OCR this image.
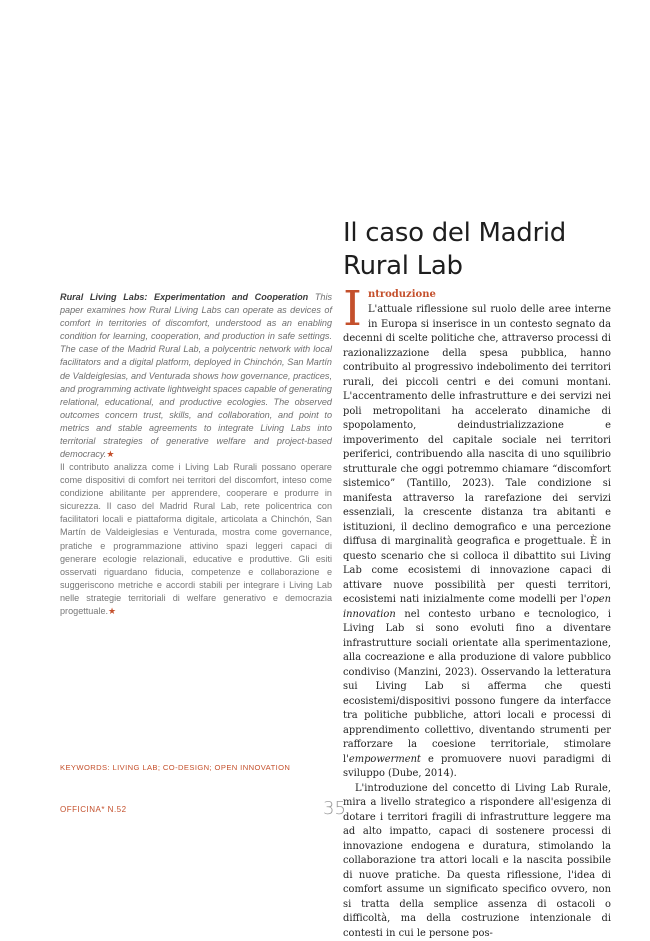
Il caso del Madrid
Rural Lab
Rural Living Labs: Experimentation and Cooperation This paper examines how Rural Living Labs can operate as devices of comfort in territories of discomfort, understood as an enabling condition for learning, cooperation, and production in safe settings. The case of the Madrid Rural Lab, a polycentric network with local facilitators and a digital platform, deployed in Chinchón, San Martín de Valdeiglesias, and Venturada shows how governance, practices, and programming activate lightweight spaces capable of generating relational, educational, and productive ecologies. The observed outcomes concern trust, skills, and collaboration, and point to metrics and stable agreements to integrate Living Labs into territorial strategies of generative welfare and project-based democracy.★
Il contributo analizza come i Living Lab Rurali possano operare come dispositivi di comfort nei territori del discomfort, inteso come condizione abilitante per apprendere, cooperare e produrre in sicurezza. Il caso del Madrid Rural Lab, rete policentrica con facilitatori locali e piattaforma digitale, articolata a Chinchón, San Martín de Valdeiglesias e Venturada, mostra come governance, pratiche e programmazione attivino spazi leggeri capaci di generare ecologie relazionali, educative e produttive. Gli esiti osservati riguardano fiducia, competenze e collaborazione e suggeriscono metriche e accordi stabili per integrare i Living Lab nelle strategie territoriali di welfare generativo e democrazia progettuale.★
KEYWORDS: LIVING LAB; CO-DESIGN; OPEN INNOVATION
I ntroduzione

L'attuale riflessione sul ruolo delle aree interne in Europa si inserisce in un contesto segnato da decenni di scelte politiche che, attraverso processi di razionalizzazione della spesa pubblica, hanno contribuito al progressivo indebolimento dei territori rurali, dei piccoli centri e dei comuni montani. L'accentramento delle infrastrutture e dei servizi nei poli metropolitani ha accelerato dinamiche di spopolamento, deindustrializzazione e impoverimento del capitale sociale nei territori periferici, contribuendo alla nascita di uno squilibrio strutturale che oggi potremmo chiamare “discomfort sistemico” (Tantillo, 2023). Tale condizione si manifesta attraverso la rarefazione dei servizi essenziali, la crescente distanza tra abitanti e istituzioni, il declino demografico e una percezione diffusa di marginalità geografica e progettuale. È in questo scenario che si colloca il dibattito sui Living Lab come ecosistemi di innovazione capaci di attivare nuove possibilità per questi territori, ecosistemi nati inizialmente come modelli per l'open innovation nel contesto urbano e tecnologico, i Living Lab si sono evoluti fino a diventare infrastrutture sociali orientate alla sperimentazione, alla cocreazione e alla produzione di valore pubblico condiviso (Manzini, 2023). Osservando la letteratura sui Living Lab si afferma che questi ecosistemi/dispositivi possono fungere da interfacce tra politiche pubbliche, attori locali e processi di apprendimento collettivo, diventando strumenti per rafforzare la coesione territoriale, stimolare l'empowerment e promuovere nuovi paradigmi di sviluppo (Dube, 2014).

L'introduzione del concetto di Living Lab Rurale, mira a livello strategico a rispondere all'esigenza di dotare i territori fragili di infrastrutture leggere ma ad alto impatto, capaci di sostenere processi di innovazione endogena e duratura, stimolando la collaborazione tra attori locali e la nascita possibile di nuove pratiche. Da questa riflessione, l'idea di comfort assume un significato specifico ovvero, non si tratta della semplice assenza di ostacoli o difficoltà, ma della costruzione intenzionale di contesti in cui le persone pos-

OFFICINA* N.52	35
